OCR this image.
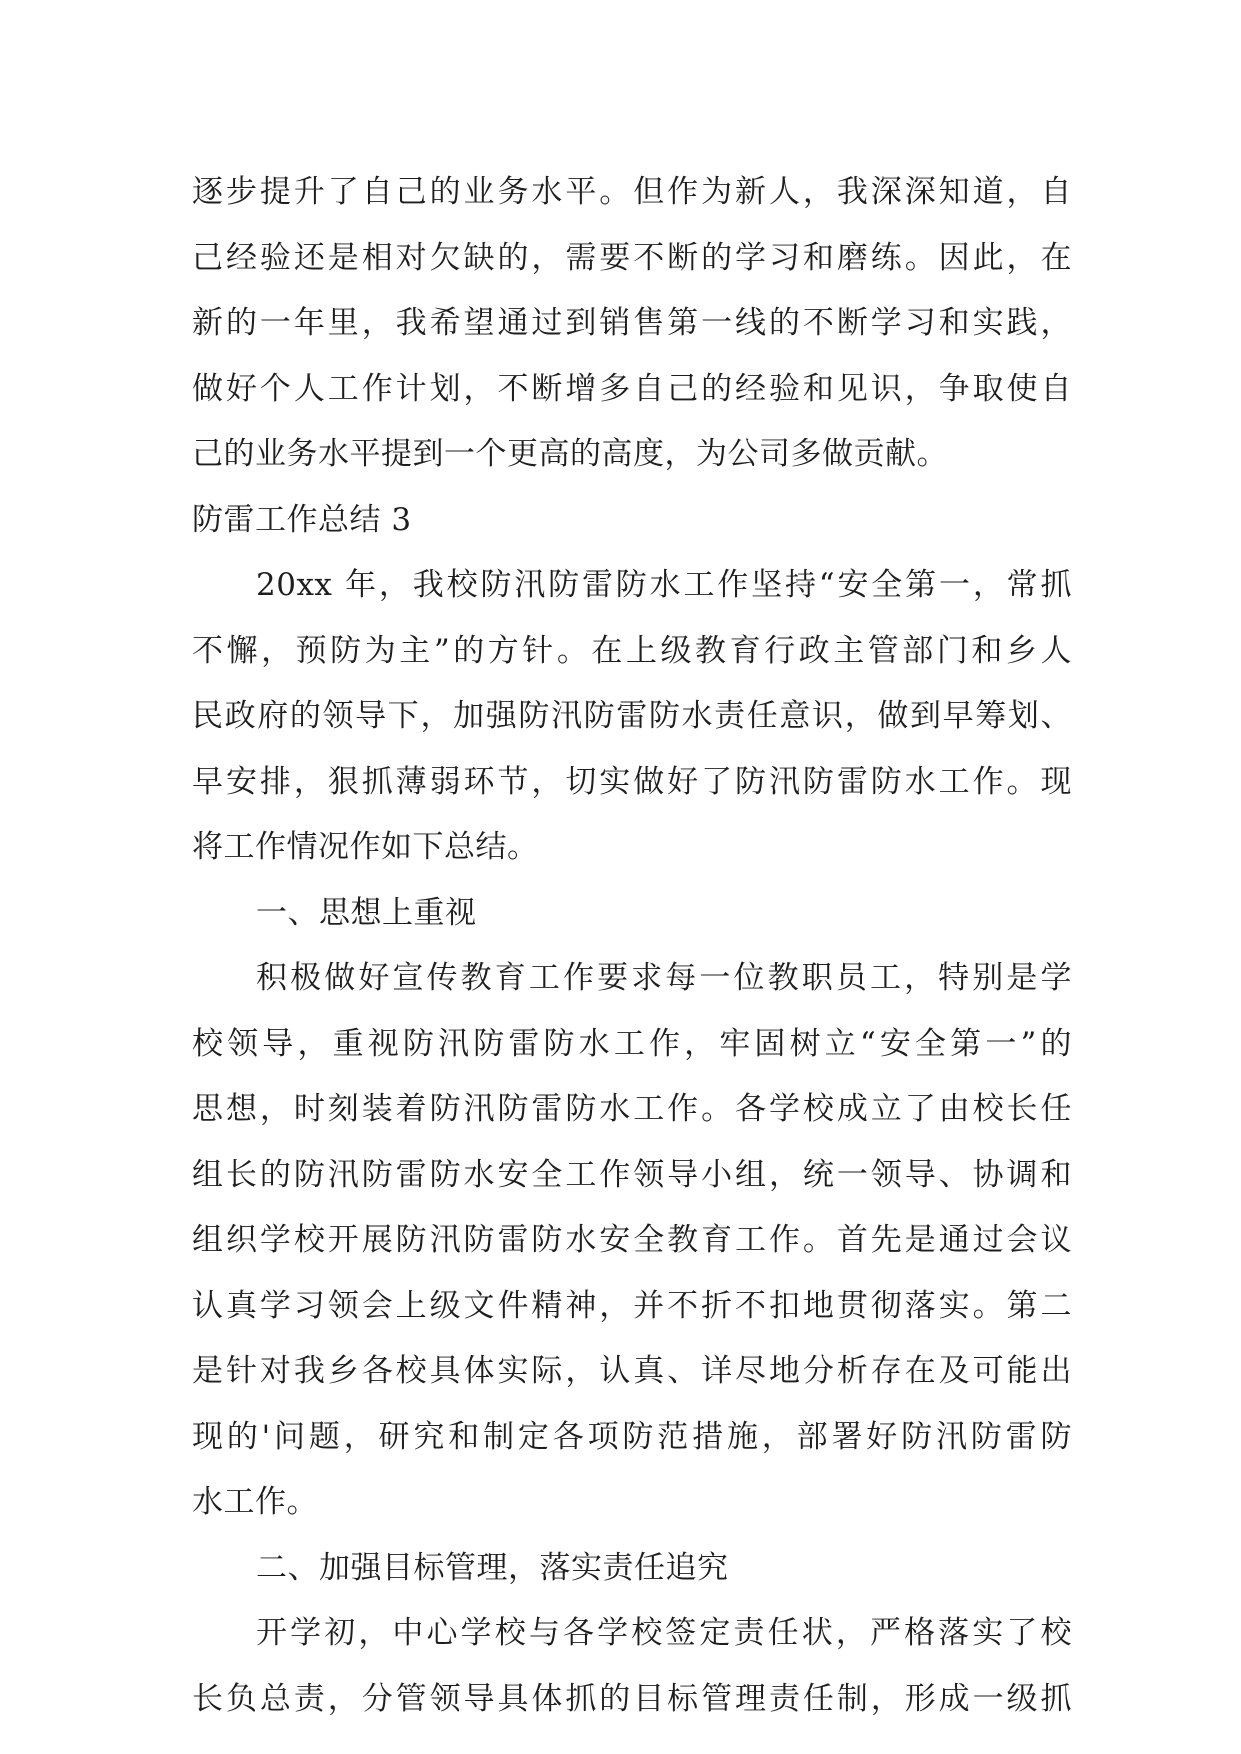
逐步提升了自己的业务水平。但作为新人，我深深知道，自
己经验还是相对欠缺的，需要不断的学习和磨练。因此，在
新的一年里，我希望通过到销售第一线的不断学习和实践，
做好个人工作计划，不断增多自己的经验和见识，争取使自
己的业务水平提到一个更高的高度，为公司多做贡献。
防雷工作总结 3
20xx 年，我校防汛防雷防水工作坚持“安全第一，常抓
不懈，预防为主”的方针。在上级教育行政主管部门和乡人
民政府的领导下，加强防汛防雷防水责任意识，做到早筹划、
早安排，狠抓薄弱环节，切实做好了防汛防雷防水工作。现
将工作情况作如下总结。
一、思想上重视
积极做好宣传教育工作要求每一位教职员工，特别是学
校领导，重视防汛防雷防水工作，牢固树立“安全第一”的
思想，时刻装着防汛防雷防水工作。各学校成立了由校长任
组长的防汛防雷防水安全工作领导小组，统一领导、协调和
组织学校开展防汛防雷防水安全教育工作。首先是通过会议
认真学习领会上级文件精神，并不折不扣地贯彻落实。第二
是针对我乡各校具体实际，认真、详尽地分析存在及可能出
现的'问题，研究和制定各项防范措施，部署好防汛防雷防
水工作。
二、加强目标管理，落实责任追究
开学初，中心学校与各学校签定责任状，严格落实了校
长负总责，分管领导具体抓的目标管理责任制，形成一级抓
